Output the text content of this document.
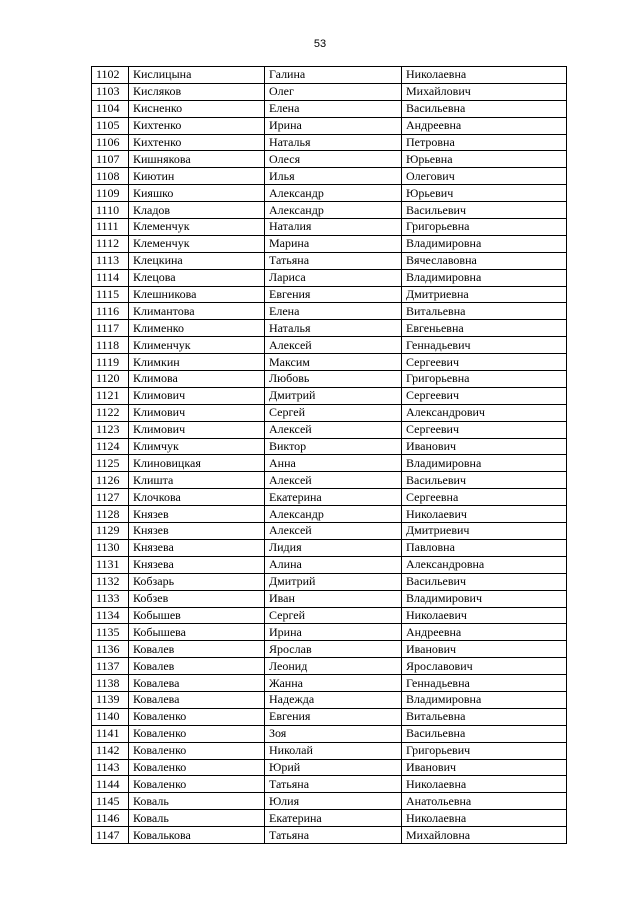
53
1102	Кислицына	Галина	Николаевна
1103	Кисляков	Олег	Михайлович
1104	Кисненко	Елена	Васильевна
1105	Кихтенко	Ирина	Андреевна
1106	Кихтенко	Наталья	Петровна
1107	Кишнякова	Олеся	Юрьевна
1108	Киютин	Илья	Олегович
1109	Кияшко	Александр	Юрьевич
1110	Кладов	Александр	Васильевич
1111	Клеменчук	Наталия	Григорьевна
1112	Клеменчук	Марина	Владимировна
1113	Клецкина	Татьяна	Вячеславовна
1114	Клецова	Лариса	Владимировна
1115	Клешникова	Евгения	Дмитриевна
1116	Климантова	Елена	Витальевна
1117	Клименко	Наталья	Евгеньевна
1118	Клименчук	Алексей	Геннадьевич
1119	Климкин	Максим	Сергеевич
1120	Климова	Любовь	Григорьевна
1121	Климович	Дмитрий	Сергеевич
1122	Климович	Сергей	Александрович
1123	Климович	Алексей	Сергеевич
1124	Климчук	Виктор	Иванович
1125	Клиновицкая	Анна	Владимировна
1126	Клишта	Алексей	Васильевич
1127	Клочкова	Екатерина	Сергеевна
1128	Князев	Александр	Николаевич
1129	Князев	Алексей	Дмитриевич
1130	Князева	Лидия	Павловна
1131	Князева	Алина	Александровна
1132	Кобзарь	Дмитрий	Васильевич
1133	Кобзев	Иван	Владимирович
1134	Кобышев	Сергей	Николаевич
1135	Кобышева	Ирина	Андреевна
1136	Ковалев	Ярослав	Иванович
1137	Ковалев	Леонид	Ярославович
1138	Ковалева	Жанна	Геннадьевна
1139	Ковалева	Надежда	Владимировна
1140	Коваленко	Евгения	Витальевна
1141	Коваленко	Зоя	Васильевна
1142	Коваленко	Николай	Григорьевич
1143	Коваленко	Юрий	Иванович
1144	Коваленко	Татьяна	Николаевна
1145	Коваль	Юлия	Анатольевна
1146	Коваль	Екатерина	Николаевна
1147	Ковалькова	Татьяна	Михайловна
